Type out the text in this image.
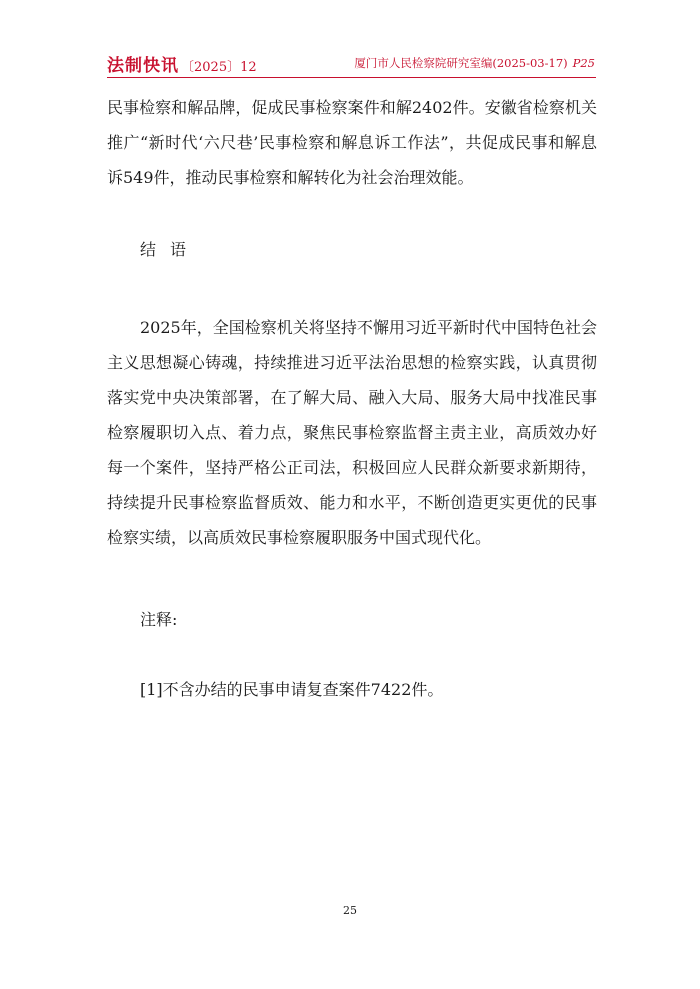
法制快讯 〔2025〕12	厦门市人民检察院研究室编(2025-03-17) P25
民事检察和解品牌，促成民事检察案件和解2402件。安徽省检察机关推广“新时代‘六尺巷’民事检察和解息诉工作法”，共促成民事和解息诉549件，推动民事检察和解转化为社会治理效能。
结语
2025年，全国检察机关将坚持不懈用习近平新时代中国特色社会主义思想凝心铸魂，持续推进习近平法治思想的检察实践，认真贯彻落实党中央决策部署，在了解大局、融入大局、服务大局中找准民事检察履职切入点、着力点，聚焦民事检察监督主责主业，高质效办好每一个案件，坚持严格公正司法，积极回应人民群众新要求新期待，持续提升民事检察监督质效、能力和水平，不断创造更实更优的民事检察实绩，以高质效民事检察履职服务中国式现代化。
注释:
[1]不含办结的民事申请复查案件7422件。
25
